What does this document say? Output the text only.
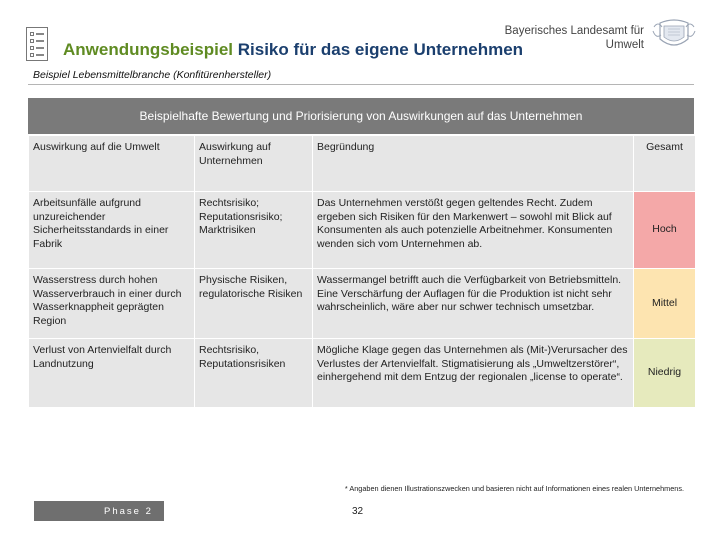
Anwendungsbeispiel Risiko für das eigene Unternehmen
Bayerisches Landesamt für
Umwelt
Beispiel Lebensmittelbranche (Konfitürenhersteller)
Beispielhafte Bewertung und Priorisierung von Auswirkungen auf das Unternehmen
Auswirkung auf die Umwelt	Auswirkung auf Unternehmen	Begründung	Gesamt
Arbeitsunfälle aufgrund unzureichender Sicherheitsstandards in einer Fabrik	Rechtsrisiko; Reputationsrisiko; Marktrisiken	Das Unternehmen verstößt gegen geltendes Recht. Zudem ergeben sich Risiken für den Markenwert – sowohl mit Blick auf Konsumenten als auch potenzielle Arbeitnehmer. Konsumenten wenden sich vom Unternehmen ab.	Hoch
Wasserstress durch hohen Wasserverbrauch in einer durch Wasserknappheit geprägten Region	Physische Risiken, regulatorische Risiken	Wassermangel betrifft auch die Verfügbarkeit von Betriebsmitteln. Eine Verschärfung der Auflagen für die Produktion ist nicht sehr wahrscheinlich, wäre aber nur schwer technisch umsetzbar.	Mittel
Verlust von Artenvielfalt durch Landnutzung	Rechtsrisiko, Reputationsrisiken	Mögliche Klage gegen das Unternehmen als (Mit-)Verursacher des Verlustes der Artenvielfalt. Stigmatisierung als „Umweltzerstörer“, einhergehend mit dem Entzug der regionalen „license to operate“.	Niedrig
* Angaben dienen Illustrationszwecken und basieren nicht auf Informationen eines realen Unternehmens.
Phase 2	32
